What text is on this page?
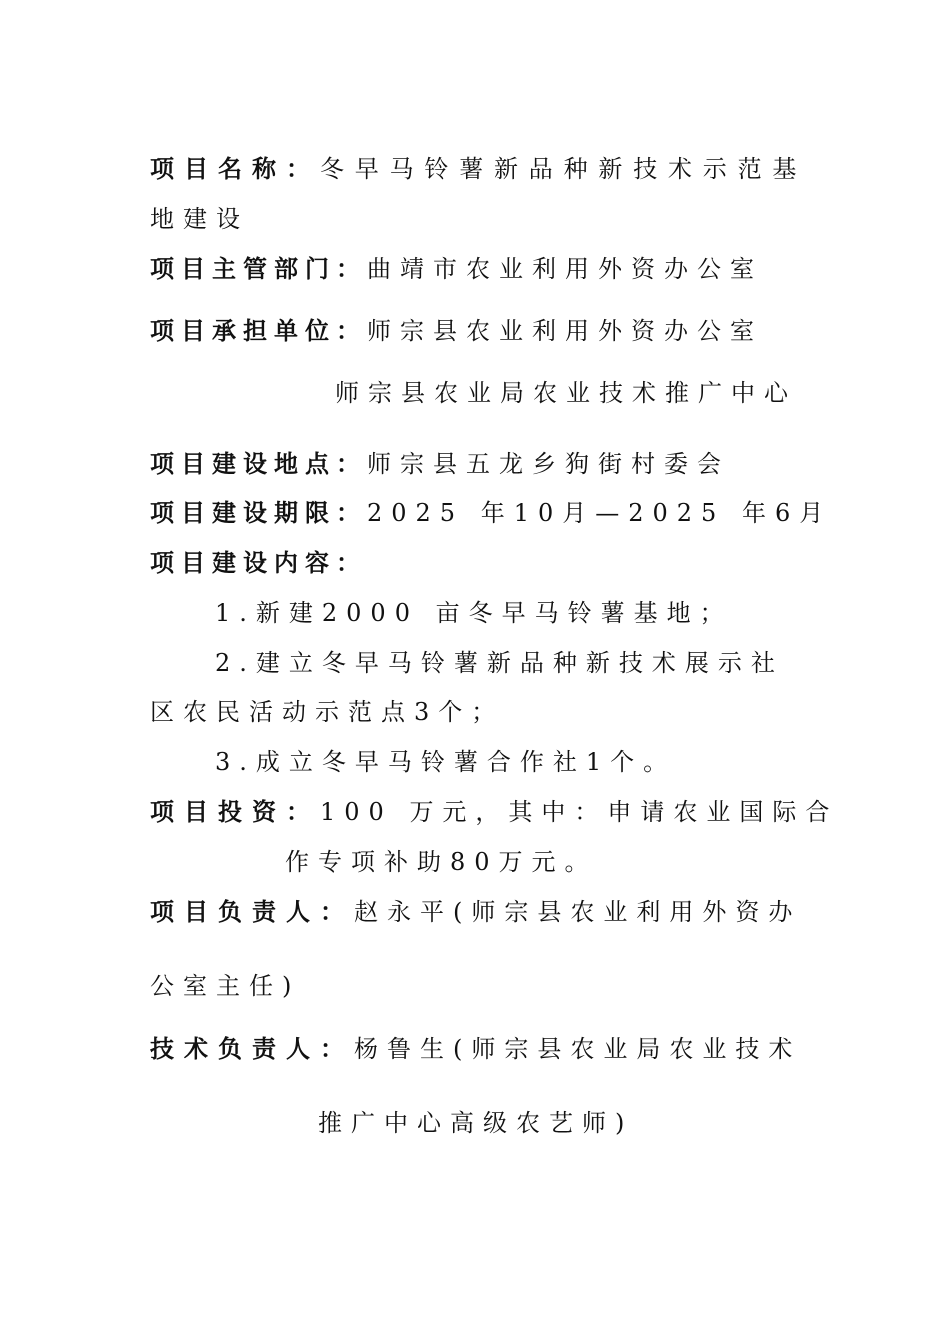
项目名称：冬早马铃薯新品种新技术示范基
地建设
项目主管部门：曲靖市农业利用外资办公室
项目承担单位：师宗县农业利用外资办公室
师宗县农业局农业技术推广中心
项目建设地点：师宗县五龙乡狗街村委会
项目建设期限：2025 年10月—2025 年6月
项目建设内容：
1.新建2000 亩冬早马铃薯基地；
2.建立冬早马铃薯新品种新技术展示社
区农民活动示范点3个；
3.成立冬早马铃薯合作社1个。
项目投资：100 万元，其中：申请农业国际合
作专项补助80万元。
项目负责人：赵永平(师宗县农业利用外资办
公室主任)
技术负责人：杨鲁生(师宗县农业局农业技术
推广中心高级农艺师)
